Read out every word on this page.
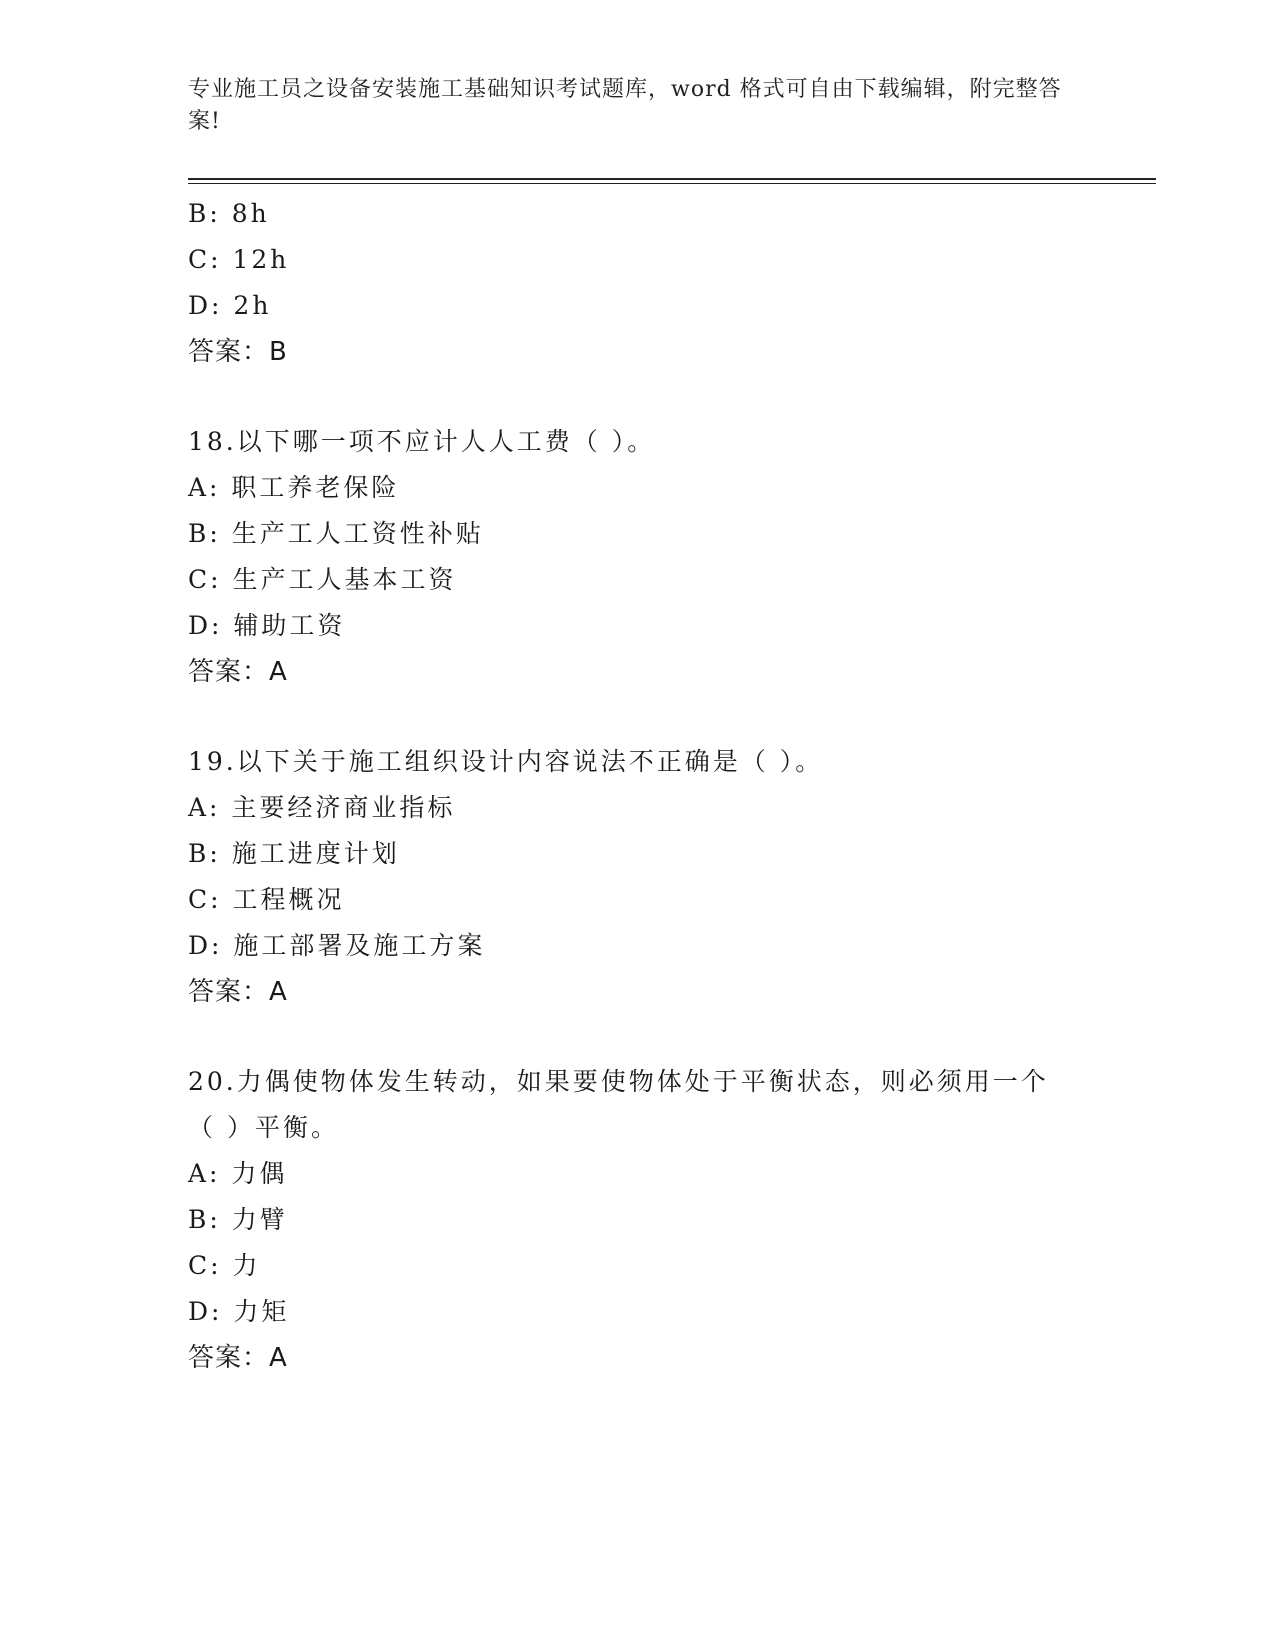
专业施工员之设备安装施工基础知识考试题库，word 格式可自由下载编辑，附完整答案!
B: 8h
C: 12h
D: 2h
答案：B
18.以下哪一项不应计人人工费（ ）。
A: 职工养老保险
B: 生产工人工资性补贴
C: 生产工人基本工资
D: 辅助工资
答案：A
19.以下关于施工组织设计内容说法不正确是（ ）。
A: 主要经济商业指标
B: 施工进度计划
C: 工程概况
D: 施工部署及施工方案
答案：A
20.力偶使物体发生转动，如果要使物体处于平衡状态，则必须用一个（ ）平衡。
A: 力偶
B: 力臂
C: 力
D: 力矩
答案：A
